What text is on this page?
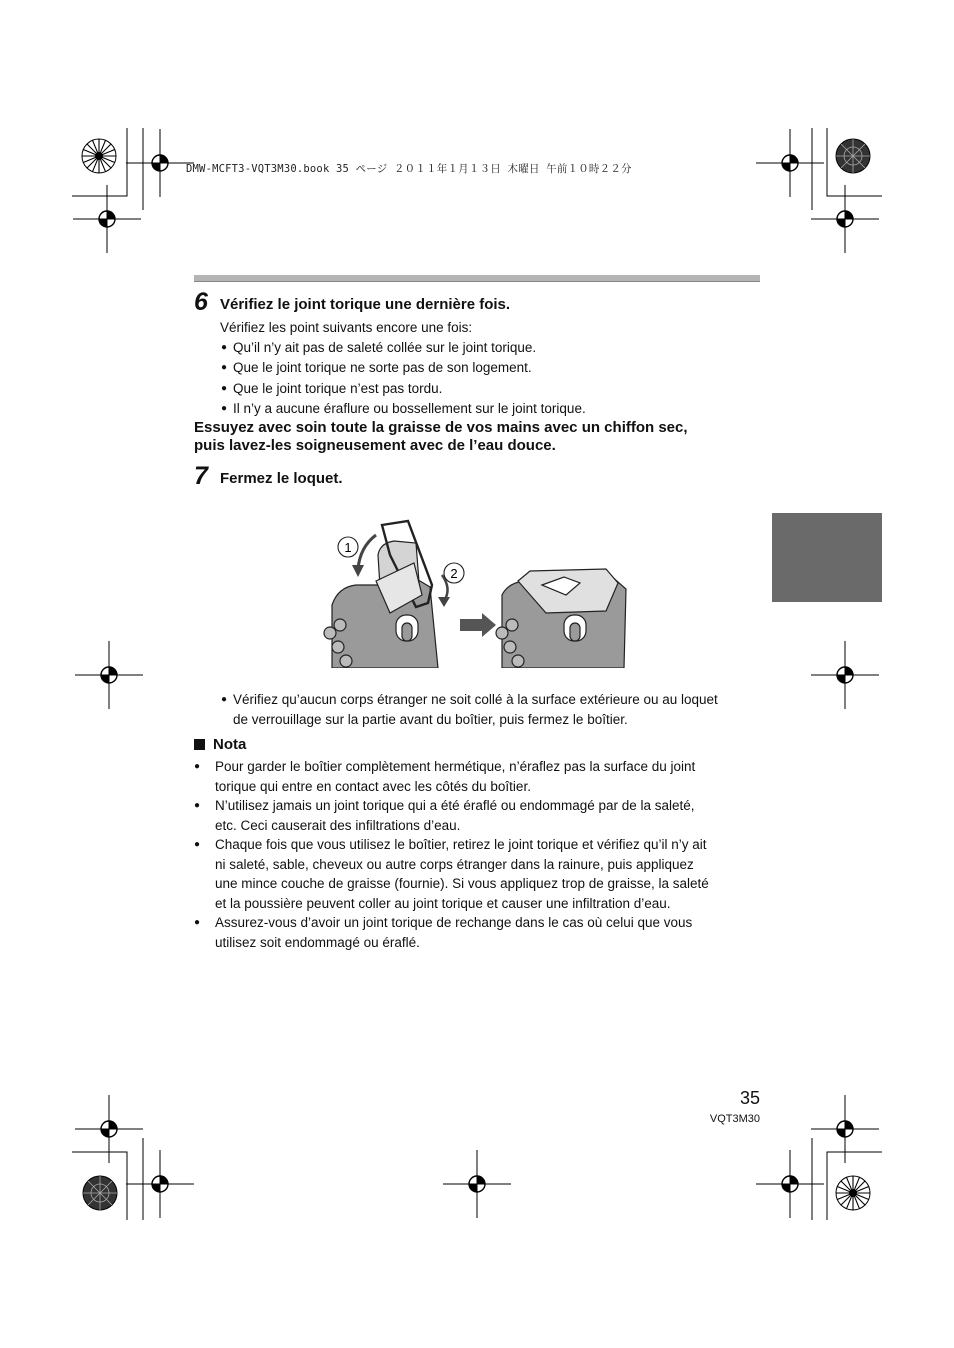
DMW-MCFT3-VQT3M30.book 35 ページ ２０１１年１月１３日 木曜日 午前１０時２２分
6 Vérifiez le joint torique une dernière fois.
Vérifiez les point suivants encore une fois:
● Qu’il n’y ait pas de saleté collée sur le joint torique.
● Que le joint torique ne sorte pas de son logement.
● Que le joint torique n’est pas tordu.
● Il n’y a aucune éraflure ou bossellement sur le joint torique.
Essuyez avec soin toute la graisse de vos mains avec un chiffon sec,
puis lavez-les soigneusement avec de l’eau douce.
7 Fermez le loquet.
1
2
● Vérifiez qu’aucun corps étranger ne soit collé à la surface extérieure ou au loquet
de verrouillage sur la partie avant du boîtier, puis fermez le boîtier.
Nota
● Pour garder le boîtier complètement hermétique, n’éraflez pas la surface du joint
torique qui entre en contact avec les côtés du boîtier.
● N’utilisez jamais un joint torique qui a été éraflé ou endommagé par de la saleté,
etc. Ceci causerait des infiltrations d’eau.
● Chaque fois que vous utilisez le boîtier, retirez le joint torique et vérifiez qu’il n’y ait
ni saleté, sable, cheveux ou autre corps étranger dans la rainure, puis appliquez
une mince couche de graisse (fournie). Si vous appliquez trop de graisse, la saleté
et la poussière peuvent coller au joint torique et causer une infiltration d’eau.
● Assurez-vous d’avoir un joint torique de rechange dans le cas où celui que vous
utilisez soit endommagé ou éraflé.
35
VQT3M30
